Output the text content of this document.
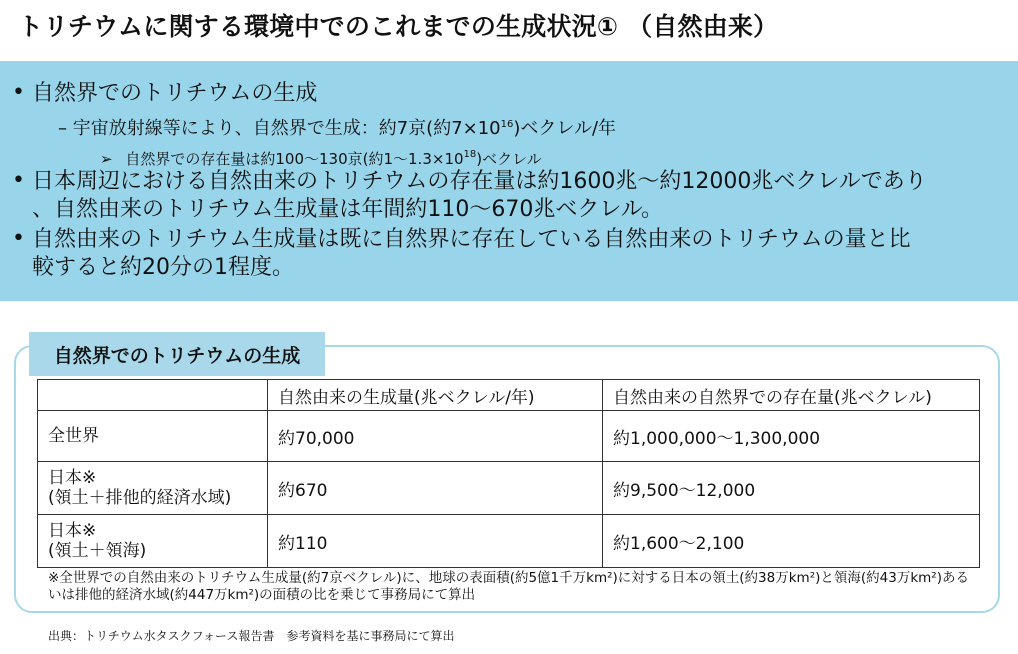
トリチウムに関する環境中でのこれまでの生成状況① （自然由来）
• 自然界でのトリチウムの生成
– 宇宙放射線等により、自然界で生成：約7京(約$7\times 10^{16}$)ベクレル/年
➢ 自然界での存在量は約100～130京(約$1\sim 1.3\times 10^{18}$)ベクレル
• 日本周辺における自然由来のトリチウムの存在量は約1600兆～約12000兆ベクレルであり
、自然由来のトリチウム生成量は年間約110～670兆ベクレル。
• 自然由来のトリチウム生成量は既に自然界に存在している自然由来のトリチウムの量と比
較すると約20分の1程度。
自然界でのトリチウムの生成
	自然由来の生成量(兆ベクレル/年)	自然由来の自然界での存在量(兆ベクレル)

全世界	約70,000	約1,000,000～1,300,000

日本※
(領土＋排他的経済水域)	約670	約9,500～12,000

日本※
(領土＋領海)	約110	約1,600～2,100
※全世界での自然由来のトリチウム生成量(約7京ベクレル)に、地球の表面積(約5億1千万km²)に対する日本の領土(約38万km²)と領海(約43万km²)あるいは排他的経済水域(約447万km²)の面積の比を乗じて事務局にて算出
出典：トリチウム水タスクフォース報告書　参考資料を基に事務局にて算出
